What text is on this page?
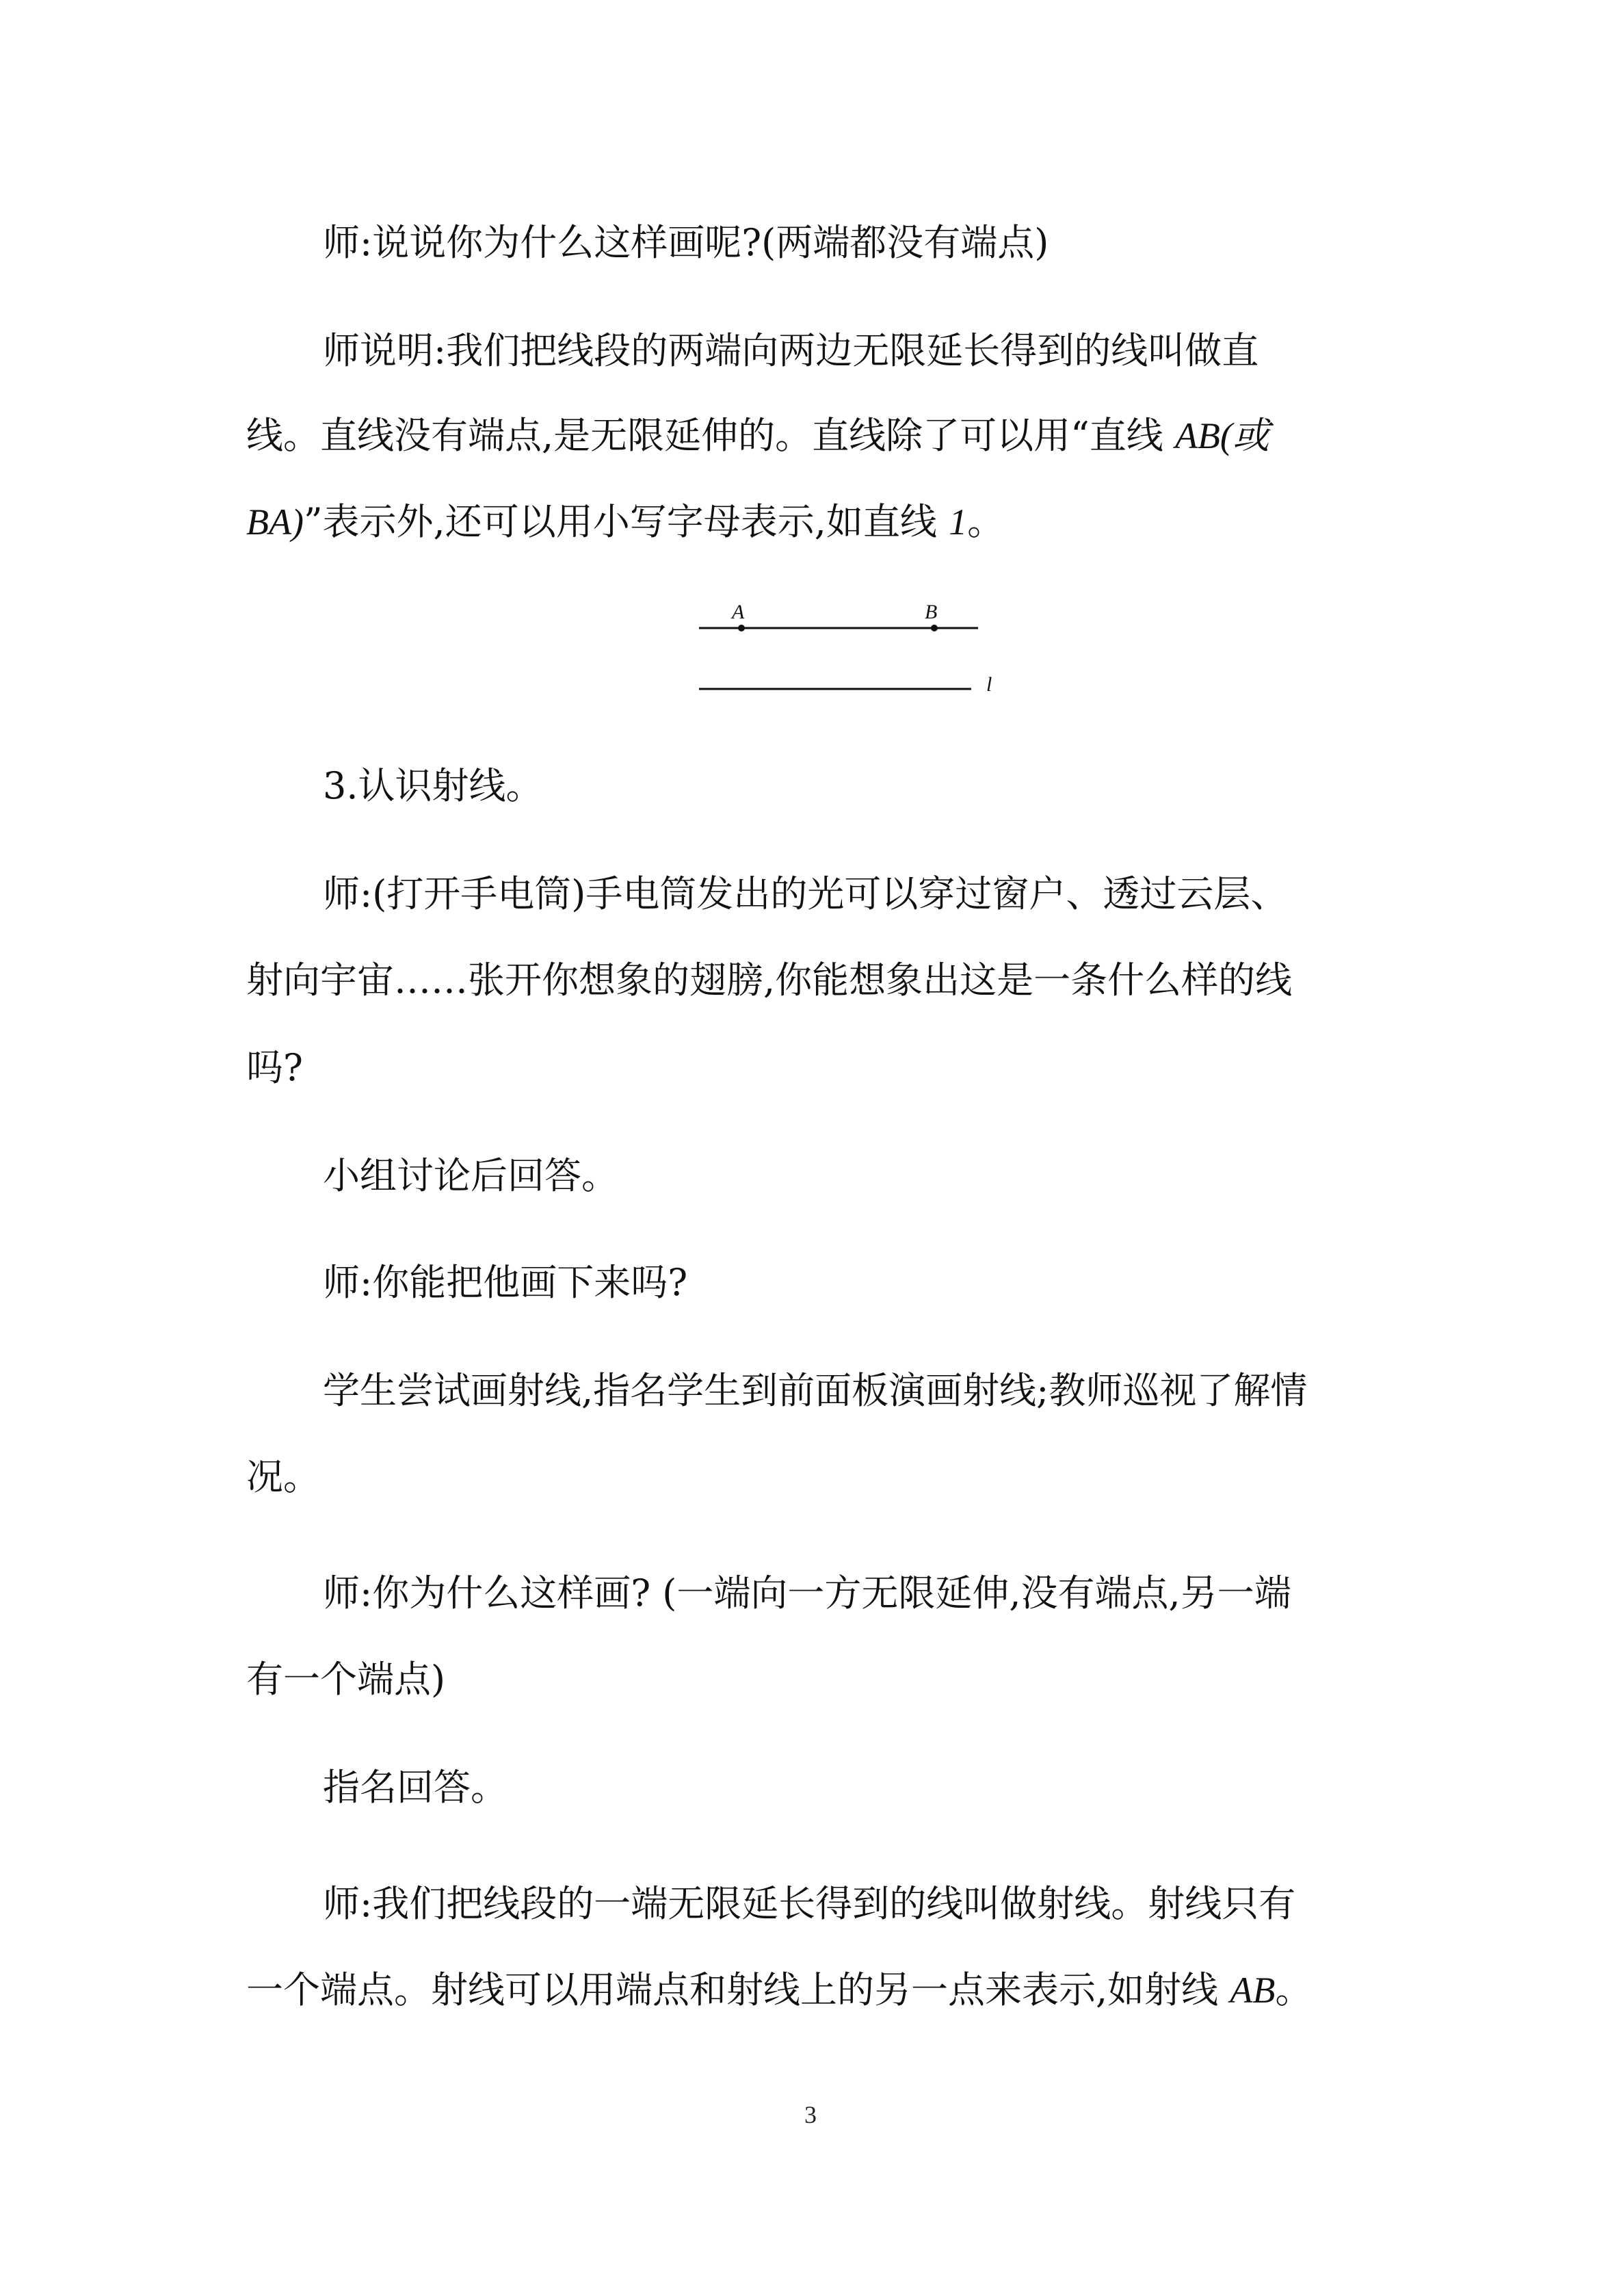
师:说说你为什么这样画呢?(两端都没有端点)
师说明:我们把线段的两端向两边无限延长得到的线叫做直
线。直线没有端点,是无限延伸的。直线除了可以用“直线 AB(或
BA)”表示外,还可以用小写字母表示,如直线 1。
A	B
l
3.认识射线。
师:(打开手电筒)手电筒发出的光可以穿过窗户、透过云层、
射向宇宙……张开你想象的翅膀,你能想象出这是一条什么样的线
吗?
小组讨论后回答。
师:你能把他画下来吗?
学生尝试画射线,指名学生到前面板演画射线;教师巡视了解情
况。
师:你为什么这样画? (一端向一方无限延伸,没有端点,另一端
有一个端点)
指名回答。
师:我们把线段的一端无限延长得到的线叫做射线。射线只有
一个端点。射线可以用端点和射线上的另一点来表示,如射线 AB。
3
